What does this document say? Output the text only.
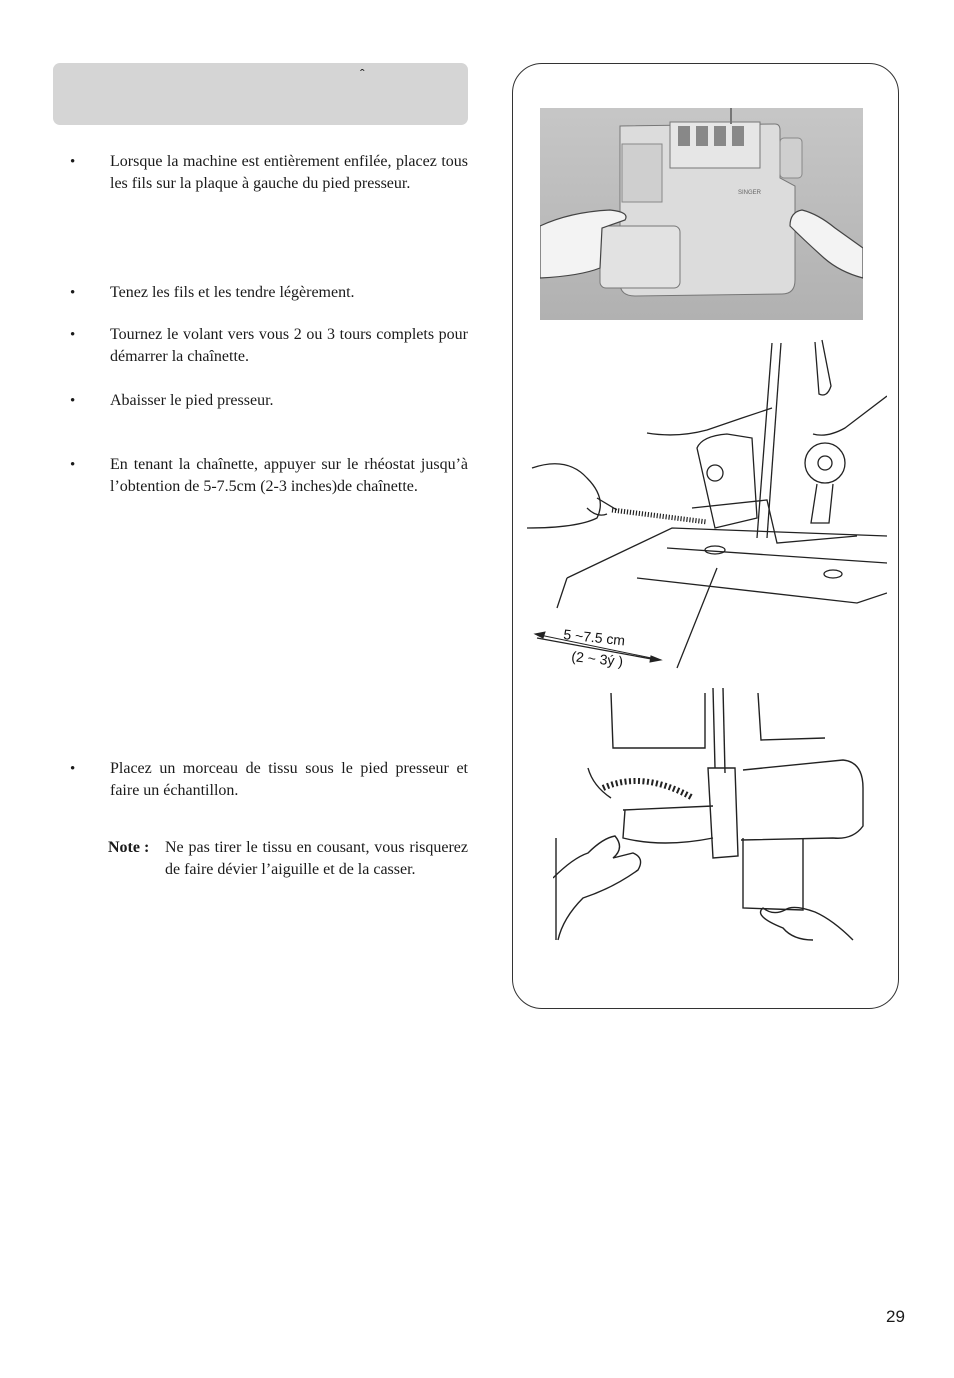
ˆ
•	Lorsque la machine est entièrement enfilée, placez tous les fils sur la plaque à gauche du pied presseur.
•	Tenez les fils et les tendre légèrement.
•	Tournez le volant vers vous 2 ou 3 tours complets pour démarrer la chaînette.
•	Abaisser le pied presseur.
•	En tenant la chaînette, appuyer sur le rhéostat jusqu’à l’obtention de 5-7.5cm (2-3 inches)de chaînette.
•	Placez un morceau de tissu sous le pied presseur et faire un échantillon.
Note : Ne pas tirer le tissu en cousant, vous risquerez de faire dévier l’aiguille et de la casser.
SINGER
5 ~7.5 cm
(2 ~ 3ý )
29
